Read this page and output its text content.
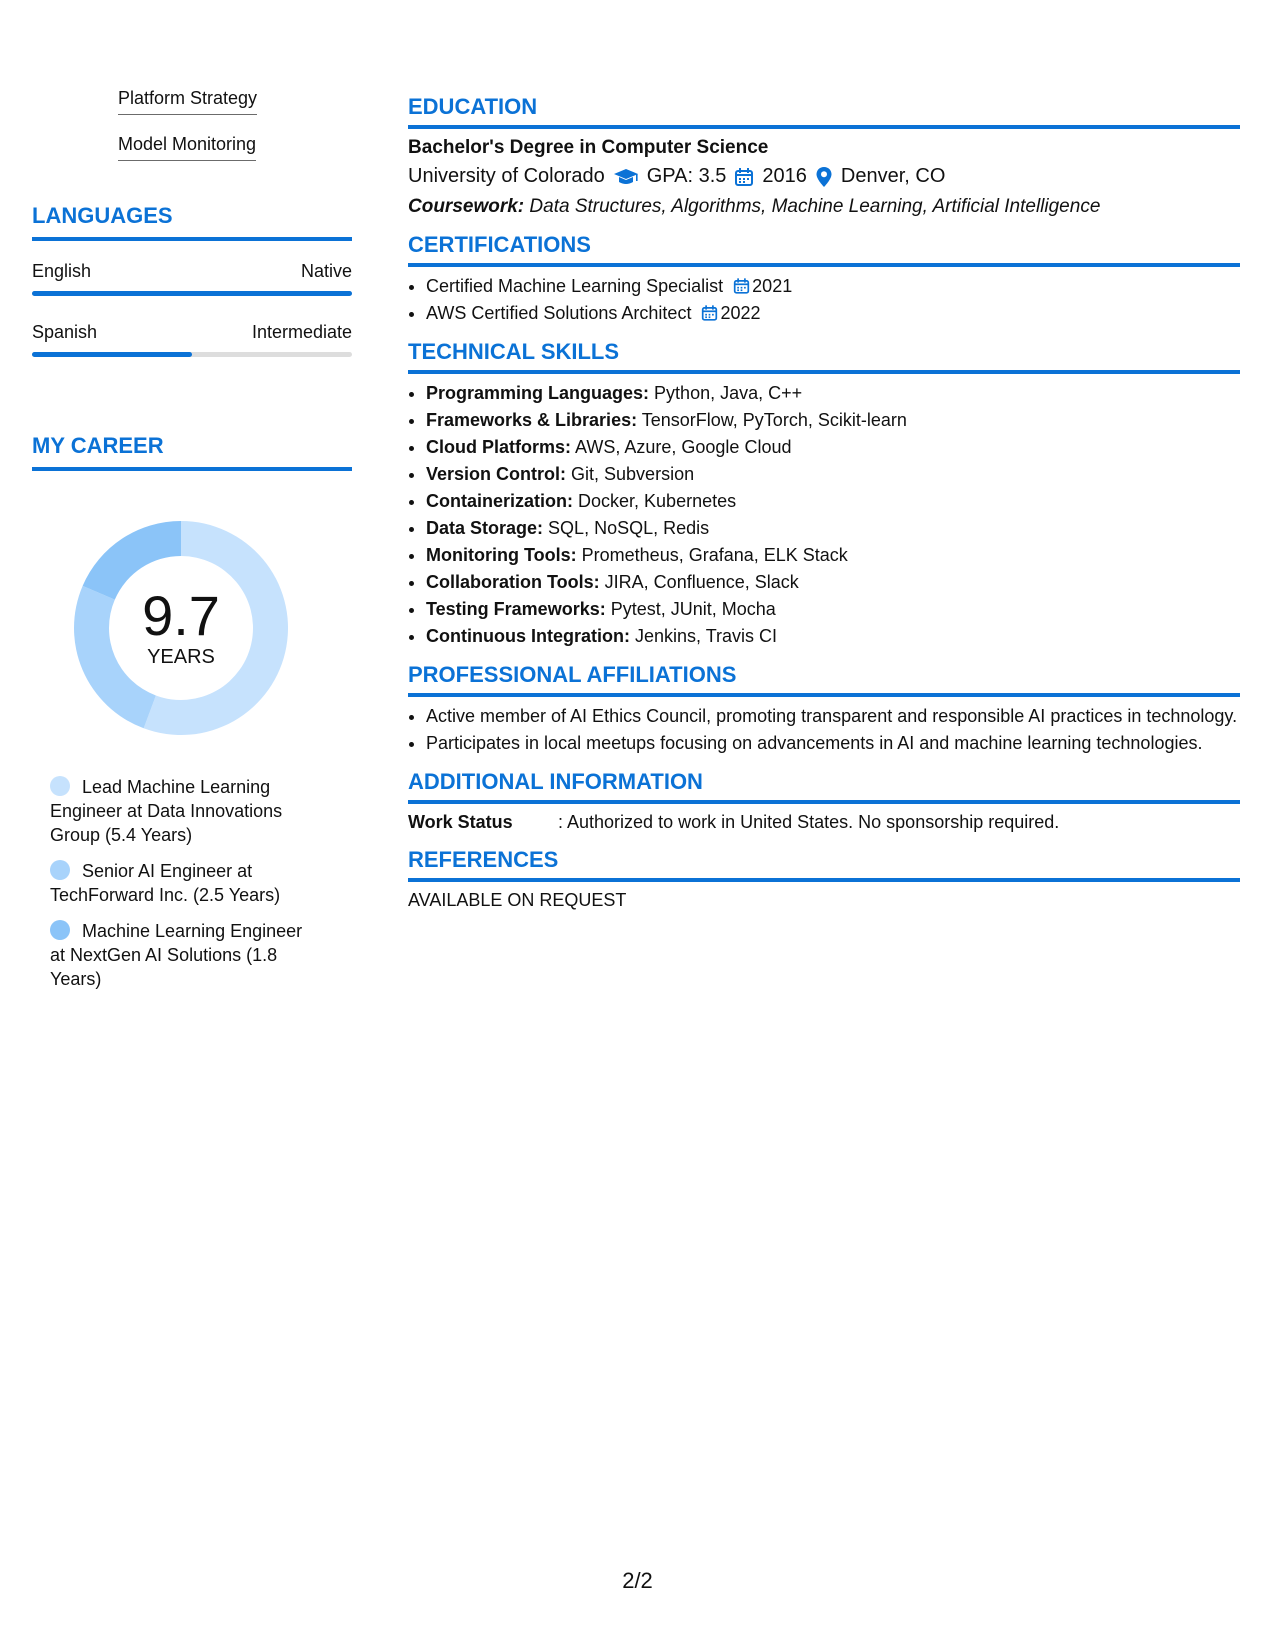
Platform Strategy
Model Monitoring
LANGUAGES
English	Native
Spanish	Intermediate
MY CAREER
9.7
YEARS
Lead Machine Learning Engineer at Data Innovations Group (5.4 Years)
Senior AI Engineer at TechForward Inc. (2.5 Years)
Machine Learning Engineer at NextGen AI Solutions (1.8 Years)
EDUCATION
Bachelor's Degree in Computer Science
University of Colorado GPA: 3.5 2016 Denver, CO
Coursework: Data Structures, Algorithms, Machine Learning, Artificial Intelligence
CERTIFICATIONS
• Certified Machine Learning Specialist 2021
• AWS Certified Solutions Architect 2022
TECHNICAL SKILLS
• Programming Languages: Python, Java, C++
• Frameworks & Libraries: TensorFlow, PyTorch, Scikit-learn
• Cloud Platforms: AWS, Azure, Google Cloud
• Version Control: Git, Subversion
• Containerization: Docker, Kubernetes
• Data Storage: SQL, NoSQL, Redis
• Monitoring Tools: Prometheus, Grafana, ELK Stack
• Collaboration Tools: JIRA, Confluence, Slack
• Testing Frameworks: Pytest, JUnit, Mocha
• Continuous Integration: Jenkins, Travis CI
PROFESSIONAL AFFILIATIONS
• Active member of AI Ethics Council, promoting transparent and responsible AI practices in technology.
• Participates in local meetups focusing on advancements in AI and machine learning technologies.
ADDITIONAL INFORMATION
Work Status	: Authorized to work in United States. No sponsorship required.
REFERENCES
AVAILABLE ON REQUEST
2/2
